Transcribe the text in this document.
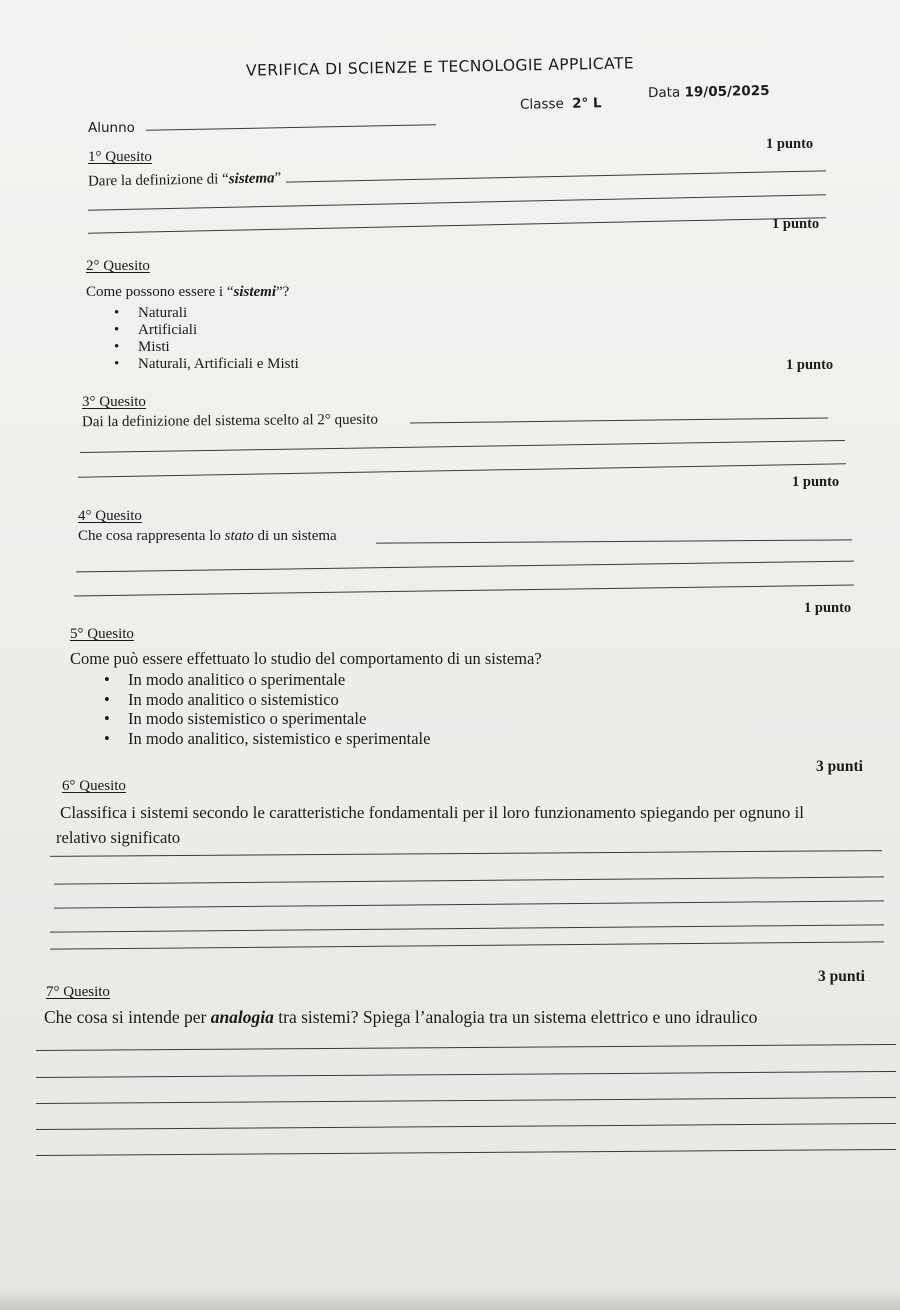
VERIFICA DI SCIENZE E TECNOLOGIE APPLICATE
Alunno
Classe 2° L
Data 19/05/2025
1 punto
1° Quesito
Dare la definizione di “sistema”
1 punto
2° Quesito
Come possono essere i “sistemi”?
• Naturali
• Artificiali
• Misti
• Naturali, Artificiali e Misti	1 punto
3° Quesito
Dai la definizione del sistema scelto al 2° quesito
1 punto
4° Quesito
Che cosa rappresenta lo stato di un sistema
1 punto
5° Quesito
Come può essere effettuato lo studio del comportamento di un sistema?
• In modo analitico o sperimentale
• In modo analitico o sistemistico
• In modo sistemistico o sperimentale
• In modo analitico, sistemistico e sperimentale
3 punti
6° Quesito
Classifica i sistemi secondo le caratteristiche fondamentali per il loro funzionamento spiegando per ognuno il
relativo significato
3 punti
7° Quesito
Che cosa si intende per analogia tra sistemi? Spiega l’analogia tra un sistema elettrico e uno idraulico
